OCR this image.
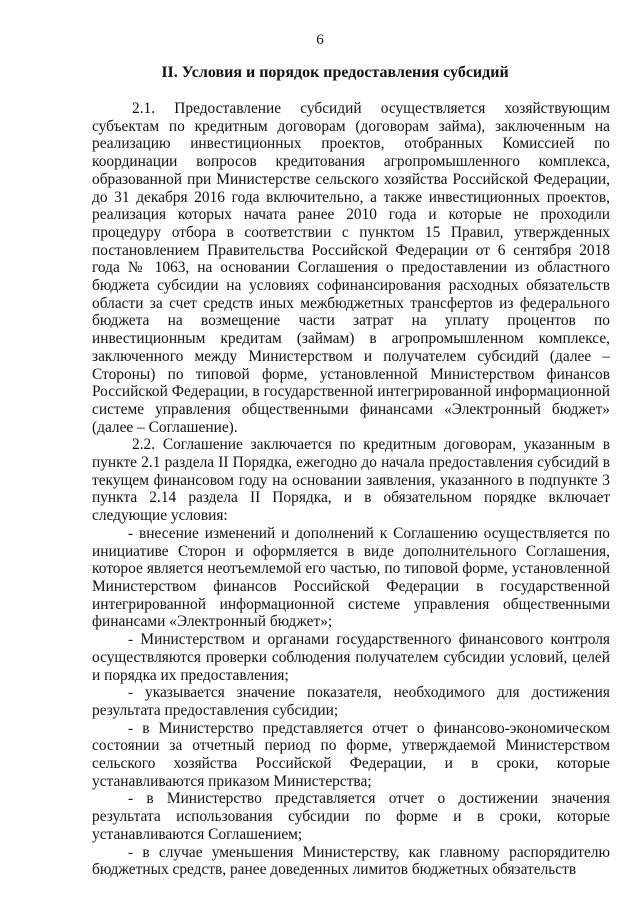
6
II. Условия и порядок предоставления субсидий

2.1. Предоставление субсидий осуществляется хозяйствующим субъектам по кредитным договорам (договорам займа), заключенным на реализацию инвестиционных проектов, отобранных Комиссией по координации вопросов кредитования агропромышленного комплекса, образованной при Министерстве сельского хозяйства Российской Федерации, до 31 декабря 2016 года включительно, а также инвестиционных проектов, реализация которых начата ранее 2010 года и которые не проходили процедуру отбора в соответствии с пунктом 15 Правил, утвержденных постановлением Правительства Российской Федерации от 6 сентября 2018 года № 1063, на основании Соглашения о предоставлении из областного бюджета субсидии на условиях софинансирования расходных обязательств области за счет средств иных межбюджетных трансфертов из федерального бюджета на возмещение части затрат на уплату процентов по инвестиционным кредитам (займам) в агропромышленном комплексе, заключенного между Министерством и получателем субсидий (далее – Стороны) по типовой форме, установленной Министерством финансов Российской Федерации, в государственной интегрированной информационной системе управления общественными финансами «Электронный бюджет» (далее – Соглашение).

2.2. Соглашение заключается по кредитным договорам, указанным в пункте 2.1 раздела II Порядка, ежегодно до начала предоставления субсидий в текущем финансовом году на основании заявления, указанного в подпункте 3 пункта 2.14 раздела II Порядка, и в обязательном порядке включает следующие условия:

- внесение изменений и дополнений к Соглашению осуществляется по инициативе Сторон и оформляется в виде дополнительного Соглашения, которое является неотъемлемой его частью, по типовой форме, установленной Министерством финансов Российской Федерации в государственной интегрированной информационной системе управления общественными финансами «Электронный бюджет»;

- Министерством и органами государственного финансового контроля осуществляются проверки соблюдения получателем субсидии условий, целей и порядка их предоставления;

- указывается значение показателя, необходимого для достижения результата предоставления субсидии;

- в Министерство представляется отчет о финансово-экономическом состоянии за отчетный период по форме, утверждаемой Министерством сельского хозяйства Российской Федерации, и в сроки, которые устанавливаются приказом Министерства;

- в Министерство представляется отчет о достижении значения результата использования субсидии по форме и в сроки, которые устанавливаются Соглашением;

- в случае уменьшения Министерству, как главному распорядителю бюджетных средств, ранее доведенных лимитов бюджетных обязательств
